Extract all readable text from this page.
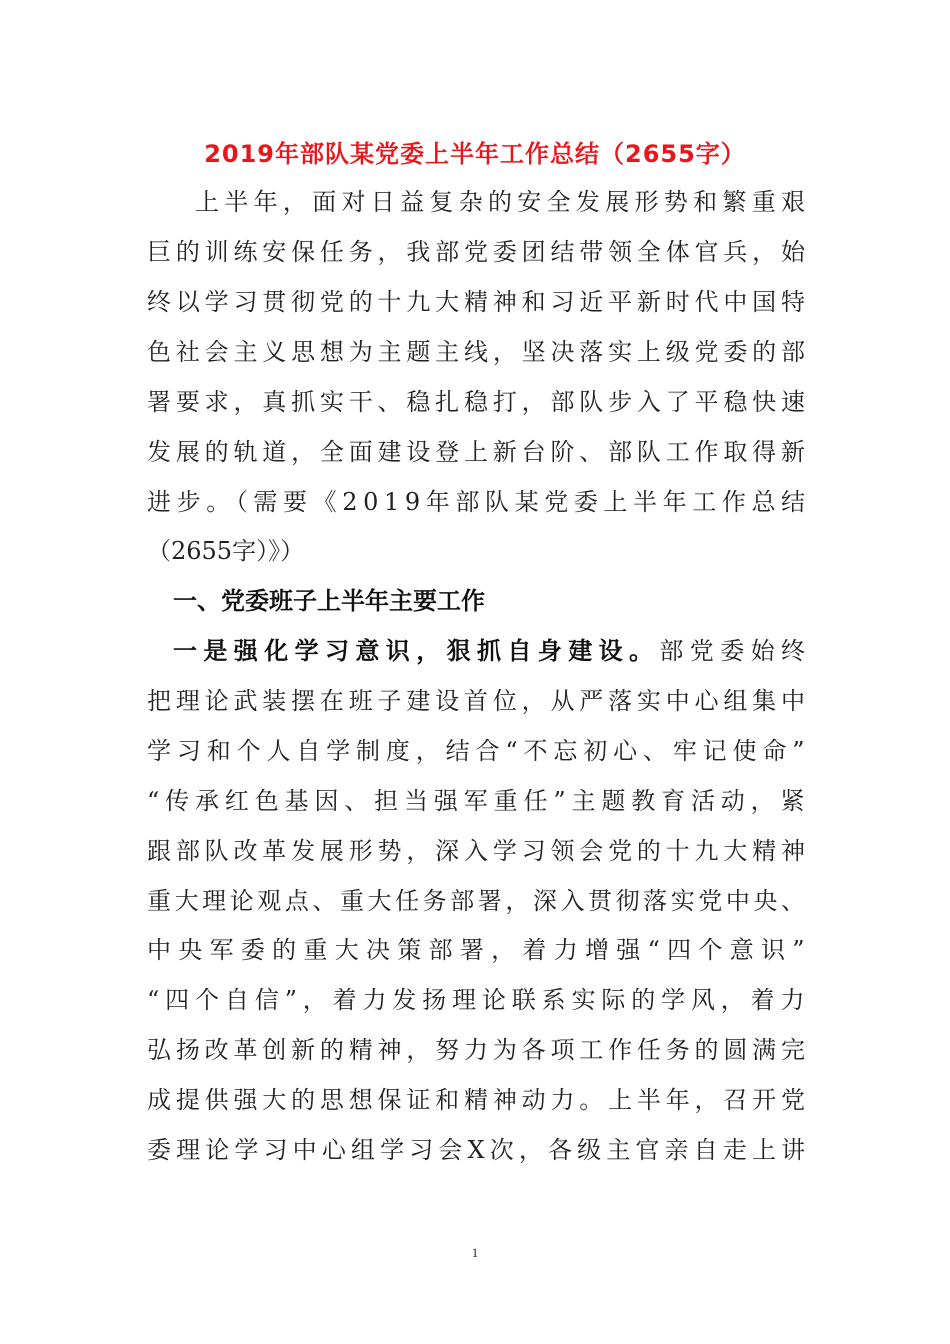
2019年部队某党委上半年工作总结（2655字）

上半年，面对日益复杂的安全发展形势和繁重艰

巨的训练安保任务，我部党委团结带领全体官兵，始

终以学习贯彻党的十九大精神和习近平新时代中国特

色社会主义思想为主题主线，坚决落实上级党委的部

署要求，真抓实干、稳扎稳打，部队步入了平稳快速

发展的轨道，全面建设登上新台阶、部队工作取得新

进步。（需要《2019年部队某党委上半年工作总结

（2655字）》）

一、党委班子上半年主要工作

一是强化学习意识，狠抓自身建设。部党委始终

把理论武装摆在班子建设首位，从严落实中心组集中

学习和个人自学制度，结合“不忘初心、牢记使命”

“传承红色基因、担当强军重任”主题教育活动，紧

跟部队改革发展形势，深入学习领会党的十九大精神

重大理论观点、重大任务部署，深入贯彻落实党中央、

中央军委的重大决策部署，着力增强“四个意识”

“四个自信”，着力发扬理论联系实际的学风，着力

弘扬改革创新的精神，努力为各项工作任务的圆满完

成提供强大的思想保证和精神动力。上半年，召开党

委理论学习中心组学习会X次，各级主官亲自走上讲

1
